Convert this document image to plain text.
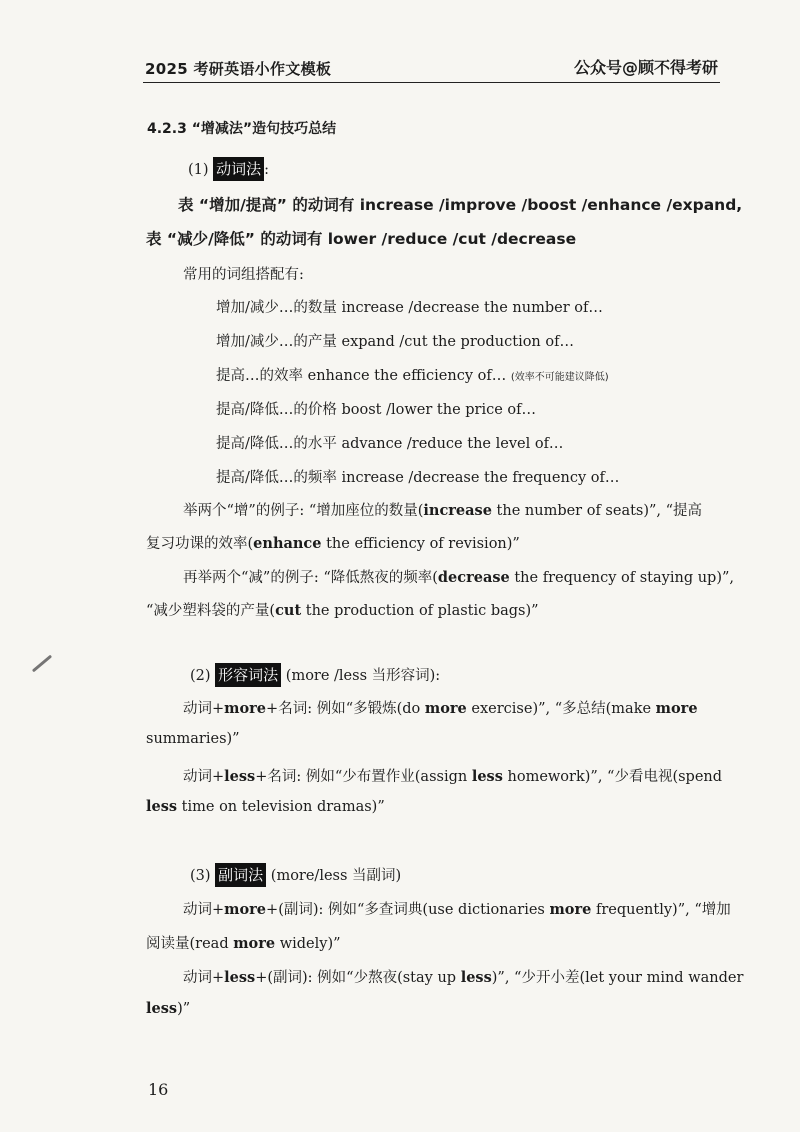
2025 考研英语小作文模板	公众号@顾不得考研
4.2.3 “增减法”造句技巧总结
(1) 动词法 :
表 “增加/提高” 的动词有 increase /improve /boost /enhance /expand,
表 “减少/降低” 的动词有 lower /reduce /cut /decrease
常用的词组搭配有:
增加/减少…的数量 increase /decrease the number of…
增加/减少…的产量 expand /cut the production of…
提高…的效率 enhance the efficiency of… (效率不可能建议降低)
提高/降低…的价格 boost /lower the price of…
提高/降低…的水平 advance /reduce the level of…
提高/降低…的频率 increase /decrease the frequency of…
举两个“增”的例子: “增加座位的数量(increase the number of seats)”, “提高
复习功课的效率(enhance the efficiency of revision)”
再举两个“减”的例子: “降低熬夜的频率(decrease the frequency of staying up)”,
“减少塑料袋的产量(cut the production of plastic bags)”
(2) 形容词法 (more /less 当形容词):
动词+more+名词: 例如“多锻炼(do more exercise)”, “多总结(make more
summaries)”
动词+less+名词: 例如“少布置作业(assign less homework)”, “少看电视(spend
less time on television dramas)”
(3) 副词法 (more/less 当副词)
动词+more+(副词): 例如“多查词典(use dictionaries more frequently)”, “增加
阅读量(read more widely)”
动词+less+(副词): 例如“少熬夜(stay up less)”, “少开小差(let your mind wander
less)”
16
